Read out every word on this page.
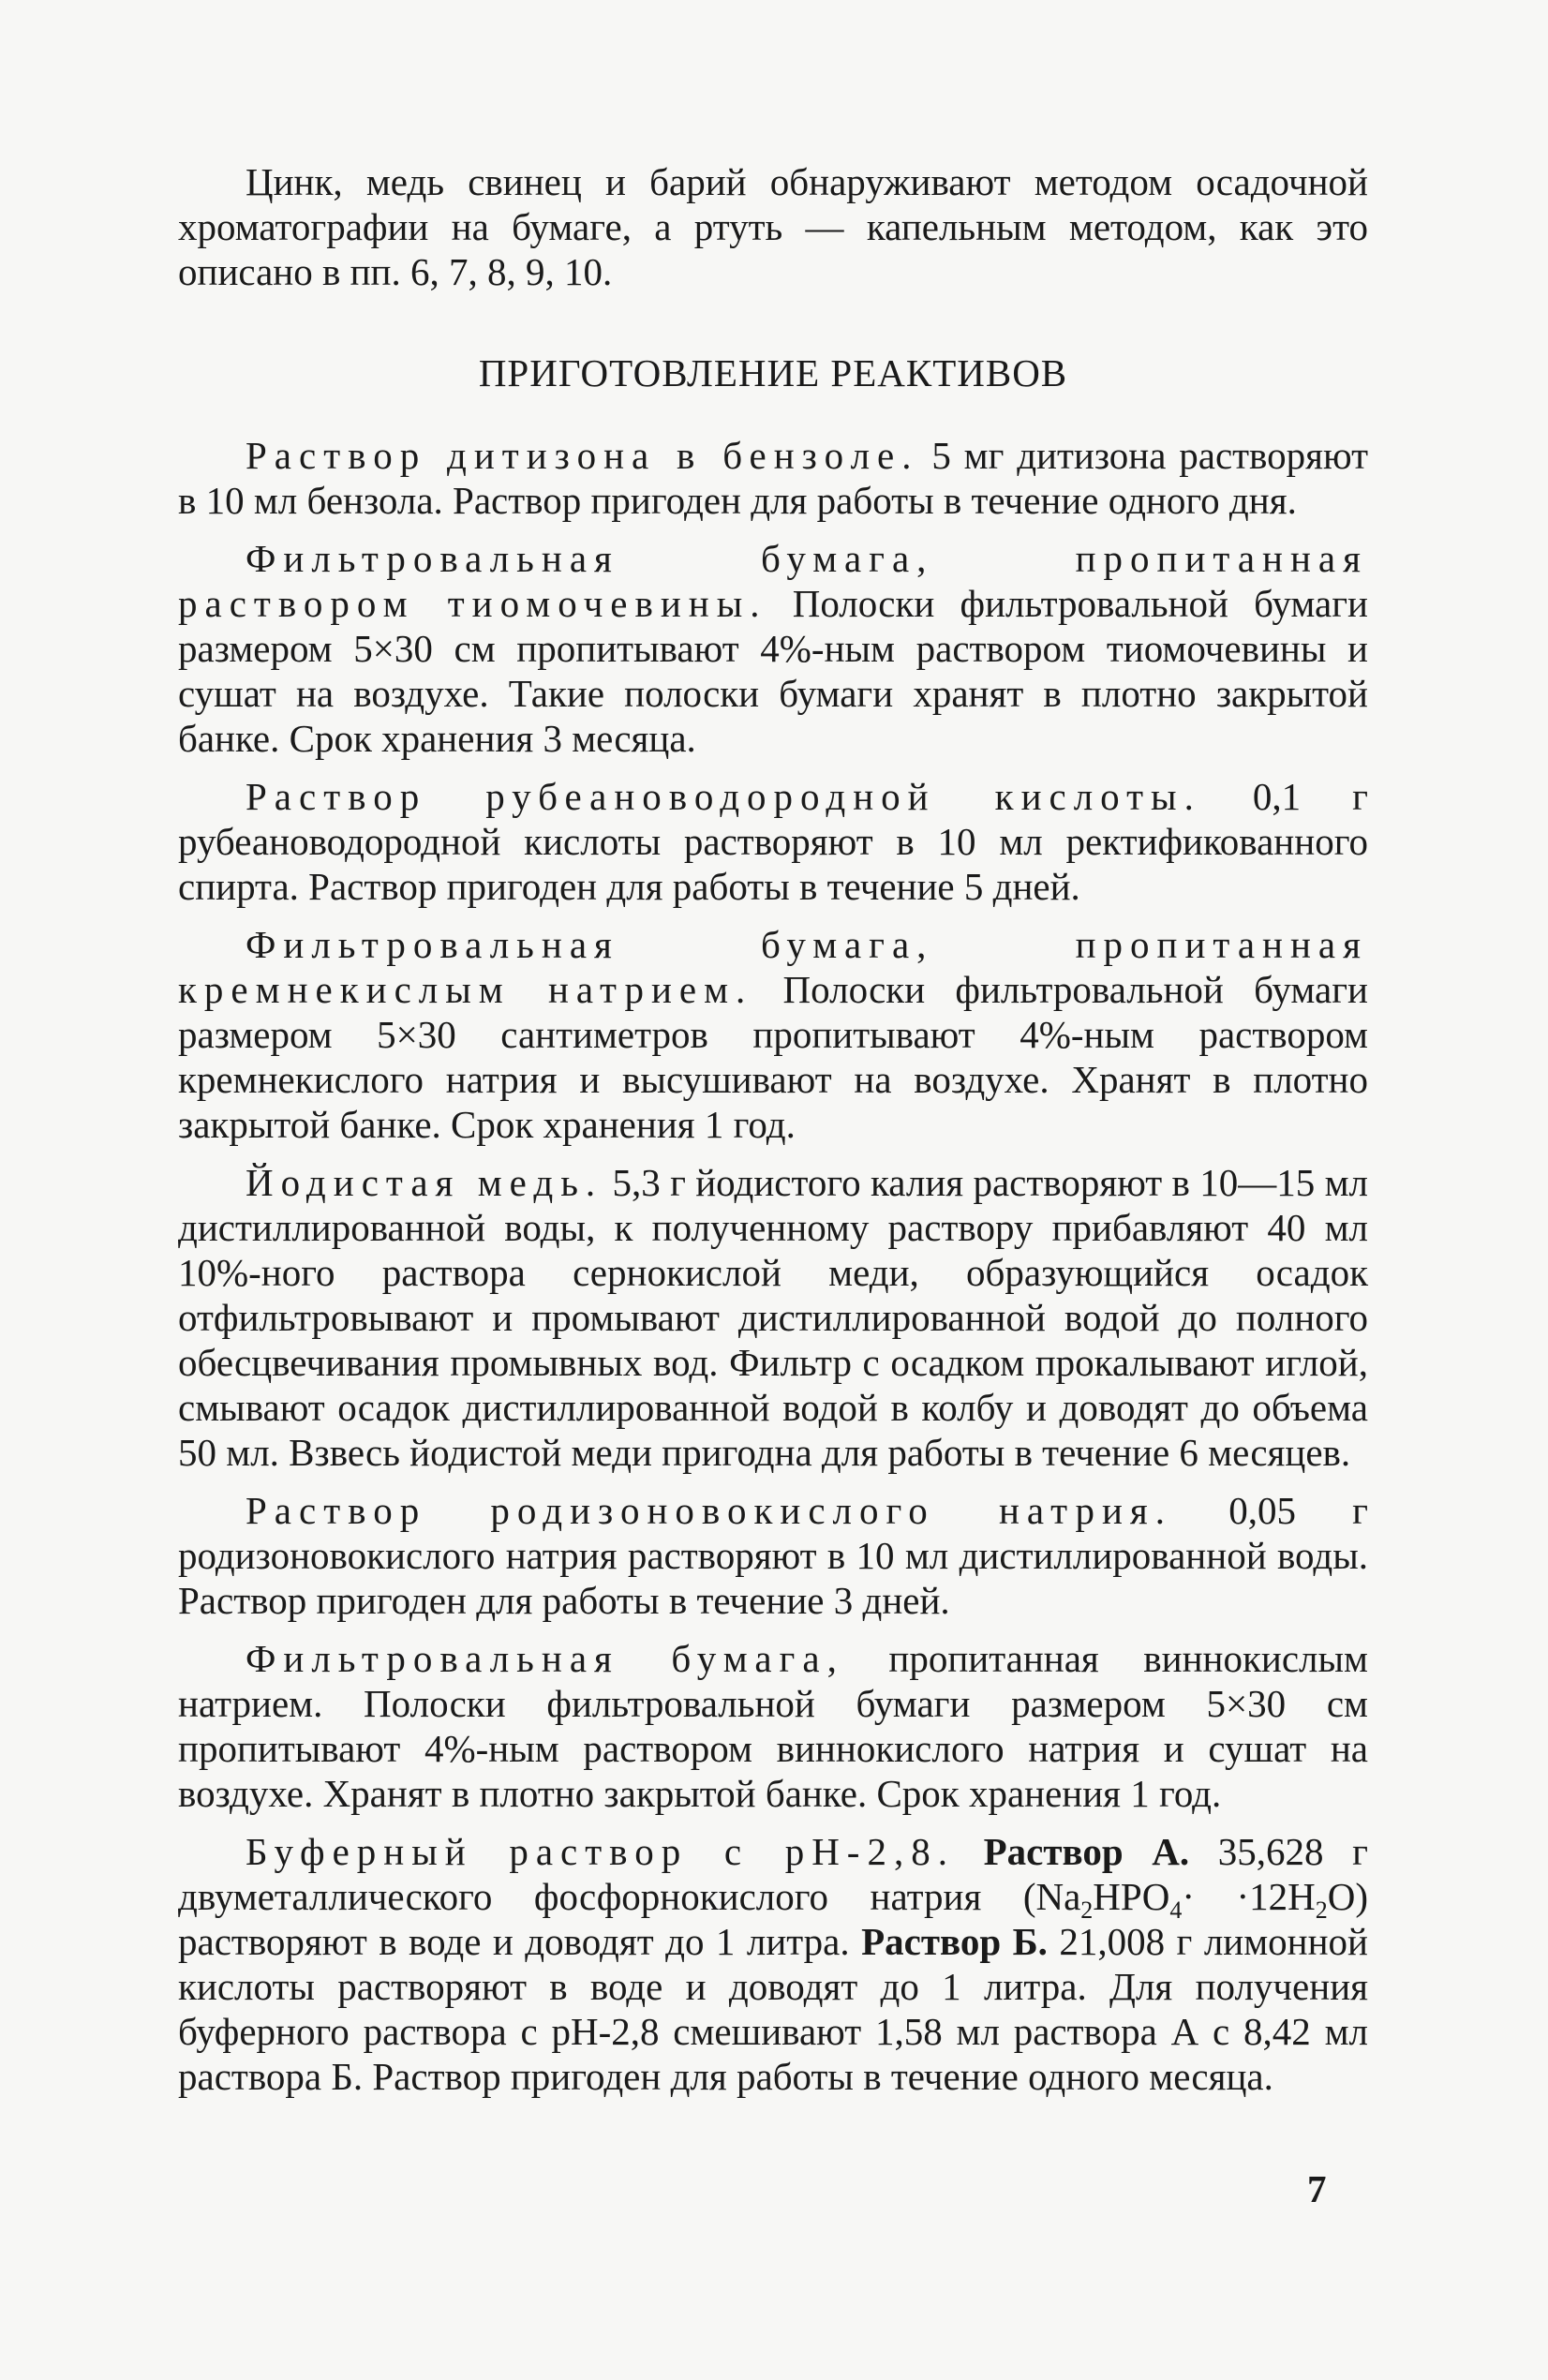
Цинк, медь свинец и барий обнаруживают методом осадочной хроматографии на бумаге, а ртуть — капельным методом, как это описано в пп. 6, 7, 8, 9, 10.

ПРИГОТОВЛЕНИЕ РЕАКТИВОВ

Раствор дитизона в бензоле. 5 мг дитизона растворяют в 10 мл бензола. Раствор пригоден для работы в течение одного дня.

Фильтровальная бумага, пропитанная раствором тиомочевины. Полоски фильтровальной бумаги размером 5×30 см пропитывают 4%-ным раствором тиомочевины и сушат на воздухе. Такие полоски бумаги хранят в плотно закрытой банке. Срок хранения 3 месяца.

Раствор рубеановодородной кислоты. 0,1 г рубеановодородной кислоты растворяют в 10 мл ректификованного спирта. Раствор пригоден для работы в течение 5 дней.

Фильтровальная бумага, пропитанная кремнекислым натрием. Полоски фильтровальной бумаги размером 5×30 сантиметров пропитывают 4%-ным раствором кремнекислого натрия и высушивают на воздухе. Хранят в плотно закрытой банке. Срок хранения 1 год.

Йодистая медь. 5,3 г йодистого калия растворяют в 10—15 мл дистиллированной воды, к полученному раствору прибавляют 40 мл 10%-ного раствора сернокислой меди, образующийся осадок отфильтровывают и промывают дистиллированной водой до полного обесцвечивания промывных вод. Фильтр с осадком прокалывают иглой, смывают осадок дистиллированной водой в колбу и доводят до объема 50 мл. Взвесь йодистой меди пригодна для работы в течение 6 месяцев.

Раствор родизоновокислого натрия. 0,05 г родизоновокислого натрия растворяют в 10 мл дистиллированной воды. Раствор пригоден для работы в течение 3 дней.

Фильтровальная бумага, пропитанная виннокислым натрием. Полоски фильтровальной бумаги размером 5×30 см пропитывают 4%-ным раствором виннокислого натрия и сушат на воздухе. Хранят в плотно закрытой банке. Срок хранения 1 год.

Буферный раствор с pH-2,8. Раствор А. 35,628 г двуметаллического фосфорнокислого натрия $(Na_2HPO_4\cdot \cdot 12H_2O)$ растворяют в воде и доводят до 1 литра. Раствор Б. 21,008 г лимонной кислоты растворяют в воде и доводят до 1 литра. Для получения буферного раствора с pH-2,8 смешивают 1,58 мл раствора А с 8,42 мл раствора Б. Раствор пригоден для работы в течение одного месяца.

7
